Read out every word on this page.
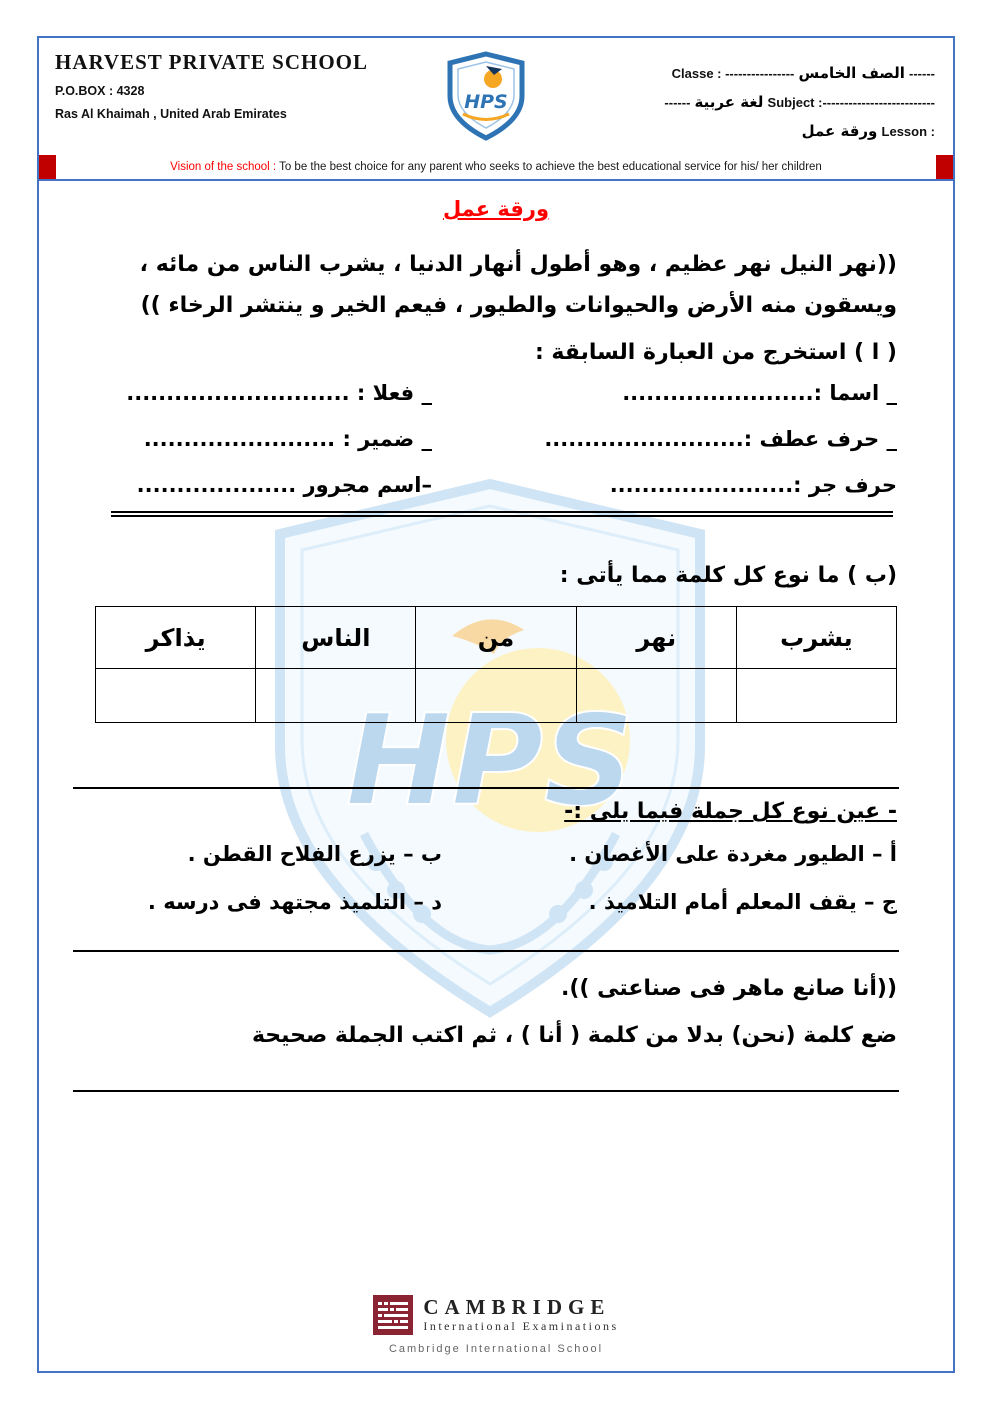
HPS
HARVEST PRIVATE SCHOOL
P.O.BOX : 4328
Ras Al Khaimah , United Arab Emirates
HPS
Classe : ---------------- الصف الخامس ------
------ لغة عربية Subject :--------------------------
ورقة عمل Lesson :
Vision of the school : To be the best choice for any parent who seeks to achieve the best educational service for his/ her children
ورقة عمل

((نهر النيل نهر عظيم ، وهو أطول أنهار الدنيا ، يشرب الناس من مائه ، ويسقون منه الأرض والحيوانات والطيور ، فيعم الخير و ينتشر الرخاء ))

( ا ) استخرج من العبارة السابقة :
_ اسما :........................
_ فعلا : ............................
_ حرف عطف :.........................
_ ضمير : ........................
حرف جر :.......................
–اسم مجرور ....................
(ب ) ما نوع كل كلمة مما يأتى :
يشرب	نهر	من	الناس	يذاكر

- عين نوع كل جملة فيما يلى :-
أ – الطيور مغردة على الأغصان .
ب – يزرع الفلاح القطن .
ج – يقف المعلم أمام التلاميذ .
د – التلميذ مجتهد فى درسه .
((أنا صانع ماهر فى صناعتى )).
ضع كلمة (نحن) بدلا من كلمة ( أنا ) ، ثم اكتب الجملة صحيحة
CAMBRIDGE
International Examinations
Cambridge International School
